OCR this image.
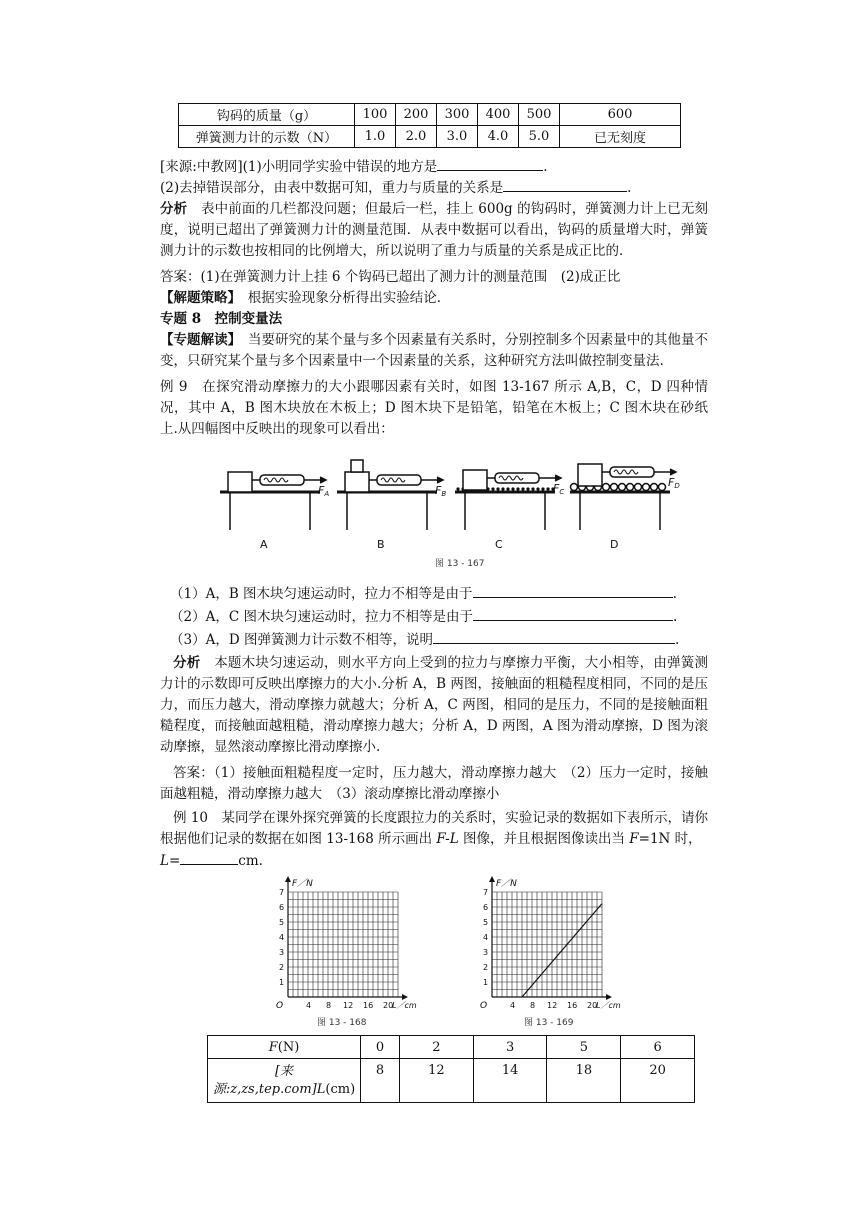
钩码的质量（g）	100	200	300	400	500	600
弹簧测力计的示数（N）	1.0	2.0	3.0	4.0	5.0	已无刻度
[来源:中教网](1)小明同学实验中错误的地方是	.
(2)去掉错误部分，由表中数据可知，重力与质量的关系是	.
分析　 表中前面的几栏都没问题；但最后一栏，挂上 600g 的钩码时，弹簧测力计上已无刻度，说明已超出了弹簧测力计的测量范围．从表中数据可以看出，钩码的质量增大时，弹簧测力计的示数也按相同的比例增大，所以说明了重力与质量的关系是成正比的．
答案：(1)在弹簧测力计上挂 6 个钩码已超出了测力计的测量范围　(2)成正比
【解题策略】　 根据实验现象分析得出实验结论．
专题 8　控制变量法
【专题解读】　 当要研究的某个量与多个因素量有关系时，分别控制多个因素量中的其他量不变，只研究某个量与多个因素量中一个因素量的关系，这种研究方法叫做控制变量法.
例 9　在探究滑动摩擦力的大小跟哪因素有关时，如图 13-167 所示 A,B，C，D 四种情况，其中 A，B 图木块放在木板上；D 图木块下是铅笔，铅笔在木板上；C 图木块在砂纸上.从四幅图中反映出的现象可以看出：
FA
A
FB
B
FC
C
FD
D
图 13 - 167
（1）A，B 图木块匀速运动时，拉力不相等是由于	.
（2）A，C 图木块匀速运动时，拉力不相等是由于	.
（3）A，D 图弹簧测力计示数不相等，说明	.
分析　 本题木块匀速运动，则水平方向上受到的拉力与摩擦力平衡，大小相等，由弹簧测力计的示数即可反映出摩擦力的大小.分析 A，B 两图，接触面的粗糙程度相同，不同的是压力，而压力越大，滑动摩擦力就越大；分析 A，C 两图，相同的是压力，不同的是接触面粗糙程度，而接触面越粗糙，滑动摩擦力越大；分析 A，D 两图，A 图为滑动摩擦，D 图为滚动摩擦，显然滚动摩擦比滑动摩擦小.
答案：（1）接触面粗糙程度一定时，压力越大，滑动摩擦力越大　（2）压力一定时，接触面越粗糙，滑动摩擦力越大　（3）滚动摩擦比滑动摩擦小
例 10　某同学在课外探究弹簧的长度跟拉力的关系时，实验记录的数据如下表所示，请你根据他们记录的数据在如图 13-168 所示画出 F-L 图像，并且根据图像读出当 F=1N 时，
L=	cm.
1
2
3
4
5
6
7
4 8 12 16 20
O
F／N
L／cm
图 13 - 168
1
2
3
4
5
6
7
4 8 12 16 20
O
F／N
L／cm
图 13 - 169
F(N)	0	2	3	5	6
[来
源:z,zs,tep.com]L(cm)	8	12	14	18	20
